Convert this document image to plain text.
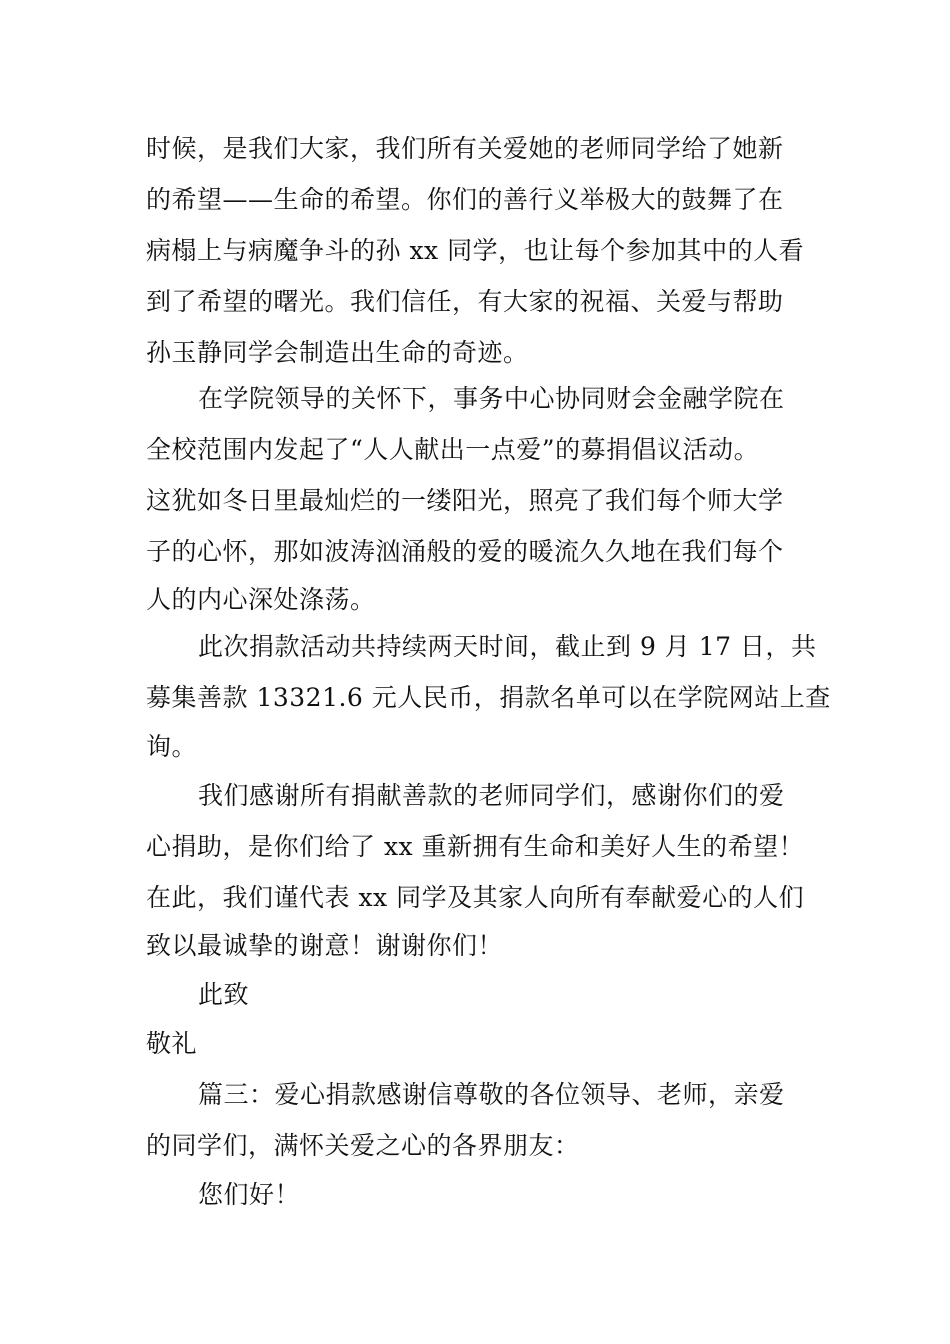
时候，是我们大家，我们所有关爱她的老师同学给了她新
的希望——生命的希望。你们的善行义举极大的鼓舞了在
病榻上与病魔争斗的孙 xx 同学，也让每个参加其中的人看
到了希望的曙光。我们信任，有大家的祝福、关爱与帮助
孙玉静同学会制造出生命的奇迹。
在学院领导的关怀下，事务中心协同财会金融学院在
全校范围内发起了“人人献出一点爱”的募捐倡议活动。
这犹如冬日里最灿烂的一缕阳光，照亮了我们每个师大学
子的心怀，那如波涛汹涌般的爱的暖流久久地在我们每个
人的内心深处涤荡。
此次捐款活动共持续两天时间，截止到 9 月 17 日，共
募集善款 13321.6 元人民币，捐款名单可以在学院网站上查
询。
我们感谢所有捐献善款的老师同学们，感谢你们的爱
心捐助，是你们给了 xx 重新拥有生命和美好人生的希望！
在此，我们谨代表 xx 同学及其家人向所有奉献爱心的人们
致以最诚挚的谢意！谢谢你们！
此致
敬礼
篇三：爱心捐款感谢信尊敬的各位领导、老师，亲爱
的同学们，满怀关爱之心的各界朋友：
您们好！
